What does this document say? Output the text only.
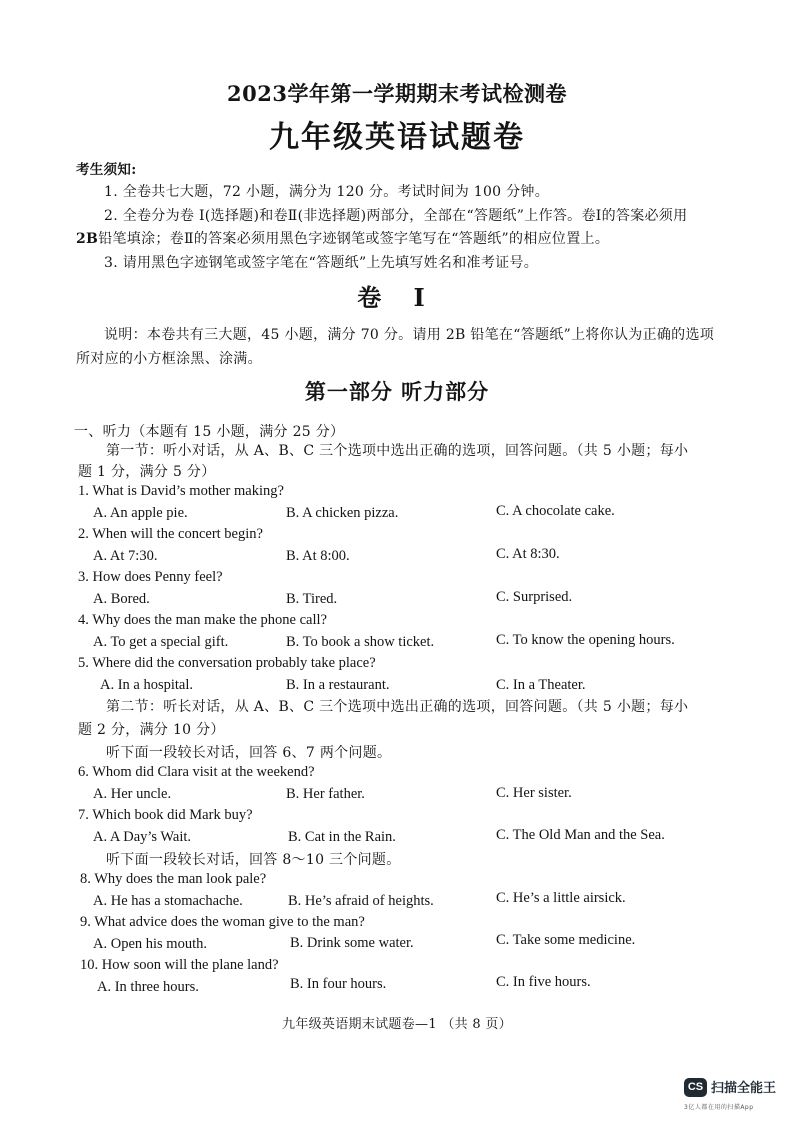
2023学年第一学期期末考试检测卷
九年级英语试题卷
考生须知:
1. 全卷共七大题，72 小题，满分为 120 分。考试时间为 100 分钟。
2. 全卷分为卷 I(选择题)和卷Ⅱ(非选择题)两部分，全部在“答题纸”上作答。卷Ⅰ的答案必须用
2B铅笔填涂；卷Ⅱ的答案必须用黑色字迹钢笔或签字笔写在“答题纸”的相应位置上。
3. 请用黑色字迹钢笔或签字笔在“答题纸”上先填写姓名和准考证号。
卷 I
说明：本卷共有三大题，45 小题，满分 70 分。请用 2B 铅笔在“答题纸”上将你认为正确的选项
所对应的小方框涂黑、涂满。
第一部分 听力部分
一、听力（本题有 15 小题，满分 25 分）
第一节：听小对话，从 A、B、C 三个选项中选出正确的选项，回答问题。（共 5 小题；每小
题 1 分，满分 5 分）
1. What is David’s mother making?
A. An apple pie.	B. A chicken pizza.	C. A chocolate cake.
2. When will the concert begin?
A. At 7:30.	B. At 8:00.	C. At 8:30.
3. How does Penny feel?
A. Bored.	B. Tired.	C. Surprised.
4. Why does the man make the phone call?
A. To get a special gift.	B. To book a show ticket.	C. To know the opening hours.
5. Where did the conversation probably take place?
A. In a hospital.	B. In a restaurant.	C. In a Theater.
第二节：听长对话，从 A、B、C 三个选项中选出正确的选项，回答问题。（共 5 小题；每小
题 2 分，满分 10 分）
听下面一段较长对话，回答 6、7 两个问题。
6. Whom did Clara visit at the weekend?
A. Her uncle.	B. Her father.	C. Her sister.
7. Which book did Mark buy?
A. A Day’s Wait.	B. Cat in the Rain.	C. The Old Man and the Sea.
听下面一段较长对话，回答 8～10 三个问题。
8. Why does the man look pale?
A. He has a stomachache.	B. He’s afraid of heights.	C. He’s a little airsick.
9. What advice does the woman give to the man?
A. Open his mouth.	B. Drink some water.	C. Take some medicine.
10. How soon will the plane land?
A. In three hours.	B. In four hours.	C. In five hours.
九年级英语期末试题卷—1 （共 8 页）
CS 扫描全能王
3亿人都在用的扫描App
